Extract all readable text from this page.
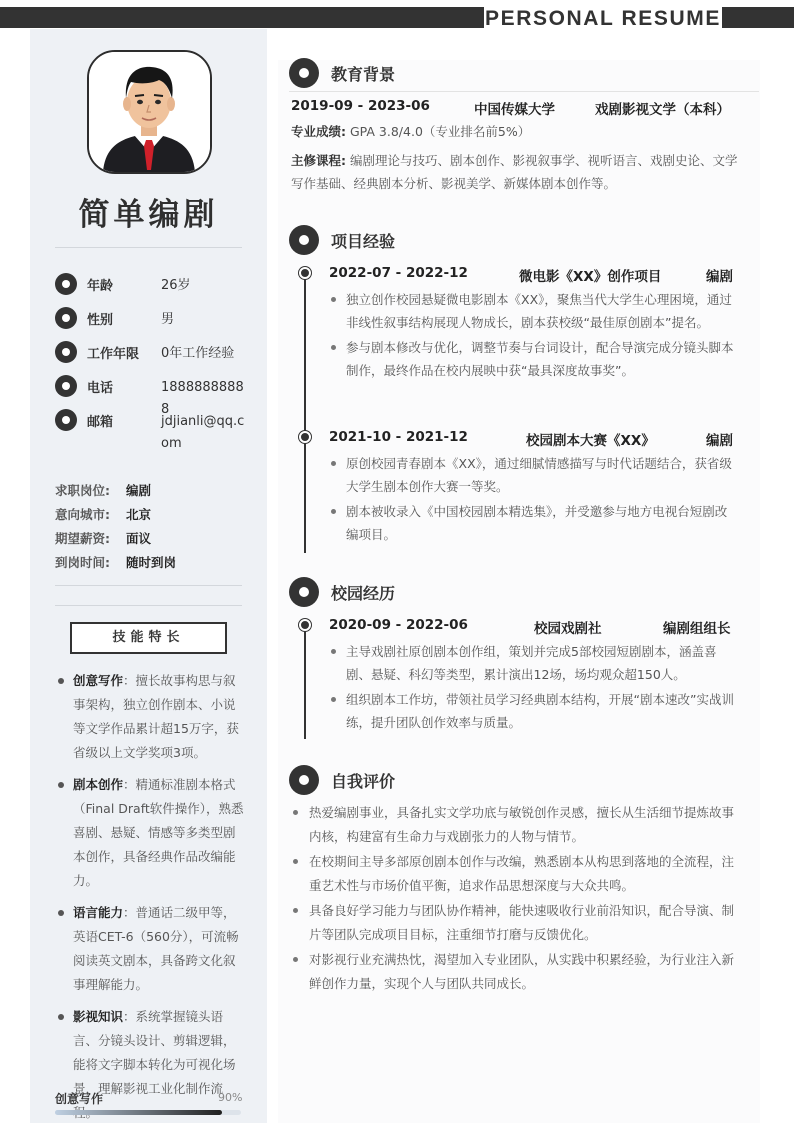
PERSONAL RESUME
简单编剧
年龄	26岁
性别	男
工作年限 0年工作经验
电话	18888888888
邮箱	jdjianli@qq.com
求职岗位: 编剧
意向城市: 北京
期望薪资: 面议
到岗时间: 随时到岗
技能特长
创意写作：擅长故事构思与叙事架构，独立创作剧本、小说等文学作品累计超15万字，获省级以上文学奖项3项。
剧本创作：精通标准剧本格式（Final Draft软件操作），熟悉喜剧、悬疑、情感等多类型剧本创作，具备经典作品改编能力。
语言能力：普通话二级甲等，英语CET-6（560分），可流畅阅读英文剧本，具备跨文化叙事理解能力。
影视知识：系统掌握镜头语言、分镜头设计、剪辑逻辑，能将文字脚本转化为可视化场景，理解影视工业化制作流
创意写作	90%
教育背景
2019-09 - 2023-06	中国传媒大学	戏剧影视文学（本科）
专业成绩: GPA 3.8/4.0（专业排名前5%）
主修课程: 编剧理论与技巧、剧本创作、影视叙事学、视听语言、戏剧史论、文学写作基础、经典剧本分析、影视美学、新媒体剧本创作等。
项目经验
2022-07 - 2022-12	微电影《XX》创作项目	编剧
独立创作校园悬疑微电影剧本《XX》，聚焦当代大学生心理困境，通过非线性叙事结构展现人物成长，剧本获校级“最佳原创剧本”提名。
参与剧本修改与优化，调整节奏与台词设计，配合导演完成分镜头脚本制作，最终作品在校内展映中获“最具深度故事奖”。
2021-10 - 2021-12	校园剧本大赛《XX》	编剧
原创校园青春剧本《XX》，通过细腻情感描写与时代话题结合，获省级大学生剧本创作大赛一等奖。
剧本被收录入《中国校园剧本精选集》，并受邀参与地方电视台短剧改编项目。
校园经历
2020-09 - 2022-06	校园戏剧社	编剧组组长
主导戏剧社原创剧本创作组，策划并完成5部校园短剧剧本，涵盖喜剧、悬疑、科幻等类型，累计演出12场，场均观众超150人。
组织剧本工作坊，带领社员学习经典剧本结构，开展“剧本速改”实战训练，提升团队创作效率与质量。
自我评价
热爱编剧事业，具备扎实文学功底与敏锐创作灵感，擅长从生活细节提炼故事内核，构建富有生命力与戏剧张力的人物与情节。
在校期间主导多部原创剧本创作与改编，熟悉剧本从构思到落地的全流程，注重艺术性与市场价值平衡，追求作品思想深度与大众共鸣。
具备良好学习能力与团队协作精神，能快速吸收行业前沿知识，配合导演、制片等团队完成项目目标，注重细节打磨与反馈优化。
对影视行业充满热忱，渴望加入专业团队，从实践中积累经验，为行业注入新鲜创作力量，实现个人与团队共同成长。
